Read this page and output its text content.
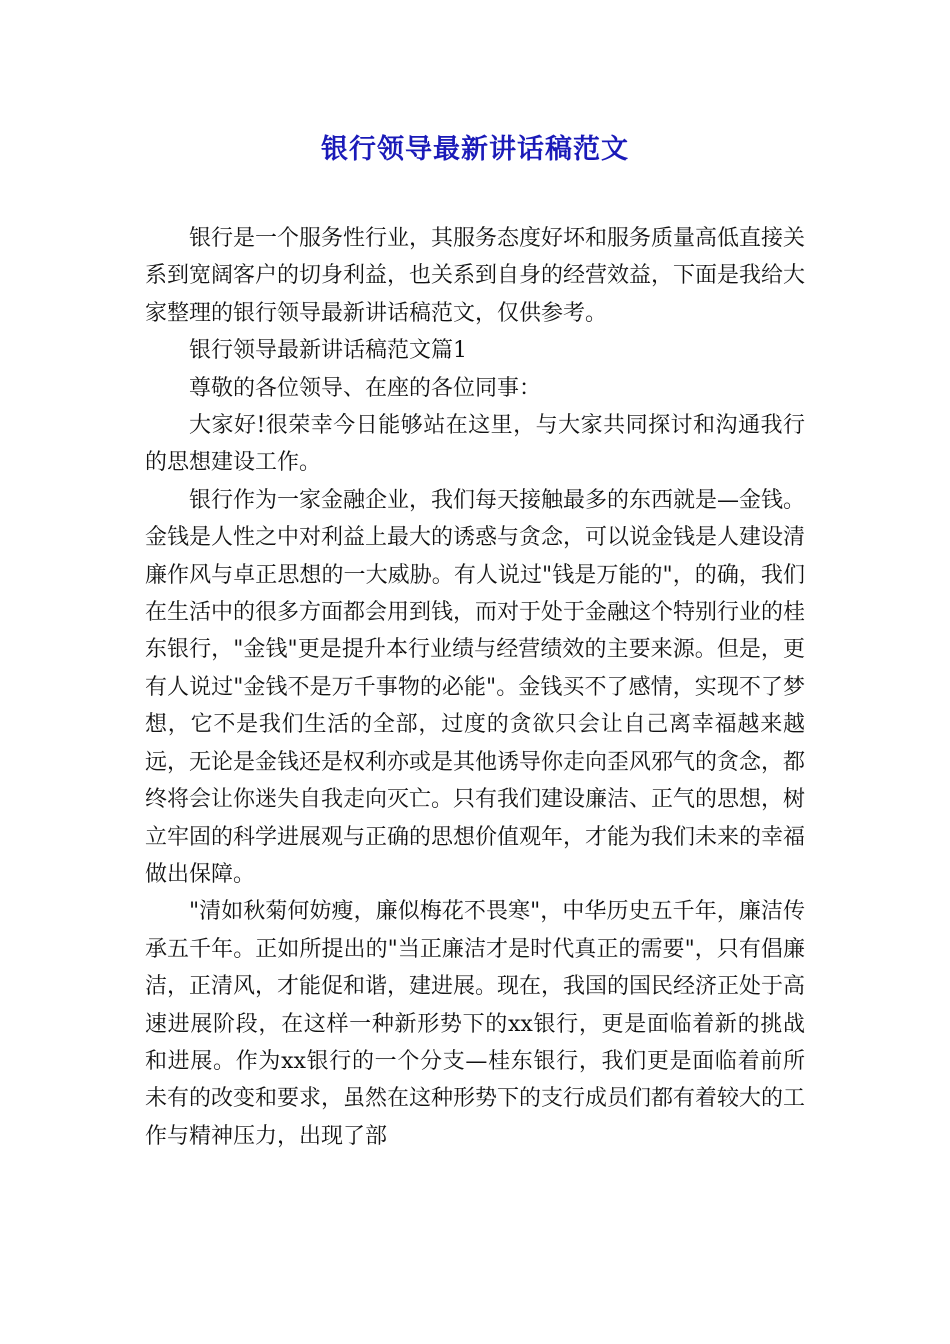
银行领导最新讲话稿范文

银行是一个服务性行业，其服务态度好坏和服务质量高低直接关系到宽阔客户的切身利益，也关系到自身的经营效益，下面是我给大家整理的银行领导最新讲话稿范文，仅供参考。

银行领导最新讲话稿范文篇1

尊敬的各位领导、在座的各位同事：

大家好!很荣幸今日能够站在这里，与大家共同探讨和沟通我行的思想建设工作。

银行作为一家金融企业，我们每天接触最多的东西就是—金钱。金钱是人性之中对利益上最大的诱惑与贪念，可以说金钱是人建设清廉作风与卓正思想的一大威胁。有人说过"钱是万能的"，的确，我们在生活中的很多方面都会用到钱，而对于处于金融这个特别行业的桂东银行，"金钱"更是提升本行业绩与经营绩效的主要来源。但是，更有人说过"金钱不是万千事物的必能"。金钱买不了感情，实现不了梦想，它不是我们生活的全部，过度的贪欲只会让自己离幸福越来越远，无论是金钱还是权利亦或是其他诱导你走向歪风邪气的贪念，都终将会让你迷失自我走向灭亡。只有我们建设廉洁、正气的思想，树立牢固的科学进展观与正确的思想价值观年，才能为我们未来的幸福做出保障。

"清如秋菊何妨瘦，廉似梅花不畏寒"，中华历史五千年，廉洁传承五千年。正如所提出的"当正廉洁才是时代真正的需要"，只有倡廉洁，正清风，才能促和谐，建进展。现在，我国的国民经济正处于高速进展阶段，在这样一种新形势下的xx银行，更是面临着新的挑战和进展。作为xx银行的一个分支—桂东银行，我们更是面临着前所未有的改变和要求，虽然在这种形势下的支行成员们都有着较大的工作与精神压力，出现了部
